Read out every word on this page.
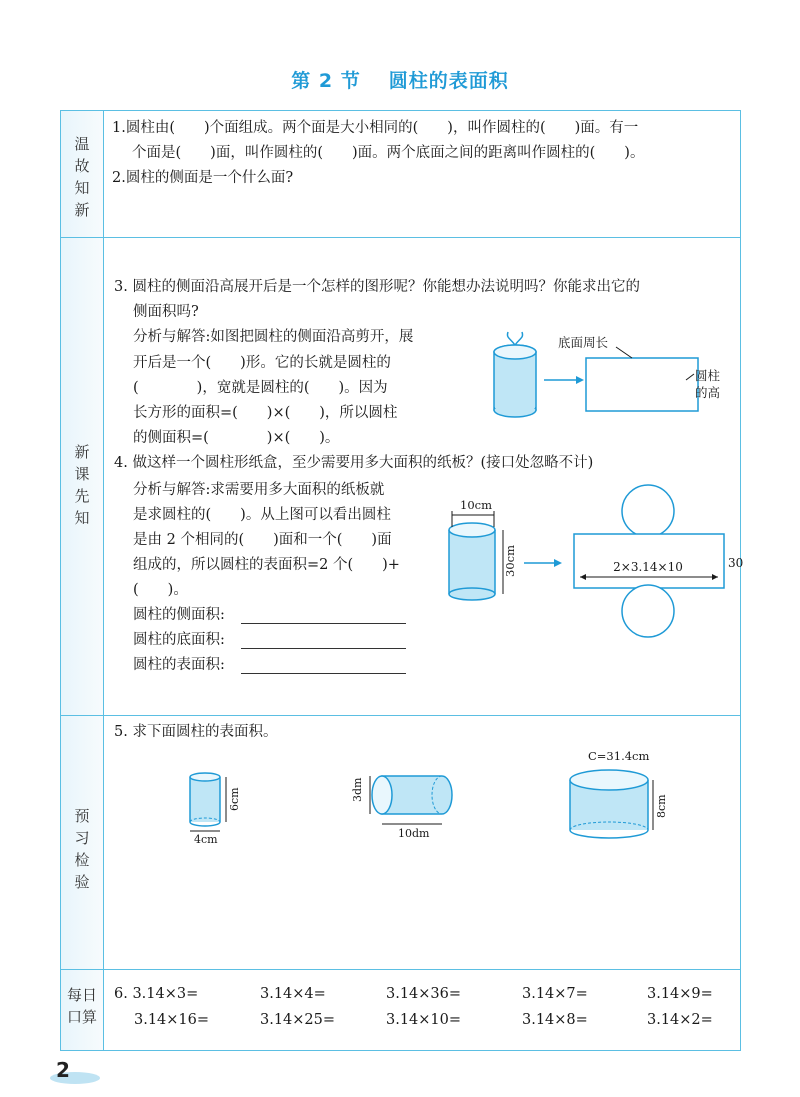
第 2 节 圆柱的表面积
温
故
知
新
新
课
先
知
预
习
检
验
每日
口算
1.圆柱由(　　)个面组成。两个面是大小相同的(　　)，叫作圆柱的(　　)面。有一
个面是(　　)面，叫作圆柱的(　　)面。两个底面之间的距离叫作圆柱的(　　)。
2.圆柱的侧面是一个什么面?
3. 圆柱的侧面沿高展开后是一个怎样的图形呢？你能想办法说明吗？你能求出它的
侧面积吗?
分析与解答:如图把圆柱的侧面沿高剪开，展
开后是一个(　　)形。它的长就是圆柱的
(　　　　)，宽就是圆柱的(　　)。因为
长方形的面积=(　　)×(　　)，所以圆柱
的侧面积=(　　　　)×(　　)。
底面周长
圆柱
的高
4. 做这样一个圆柱形纸盒，至少需要用多大面积的纸板？(接口处忽略不计)
分析与解答:求需要用多大面积的纸板就
是求圆柱的(　　)。从上图可以看出圆柱
是由 2 个相同的(　　)面和一个(　　)面
组成的，所以圆柱的表面积=2 个(　　)+
(　　)。
圆柱的侧面积:
圆柱的底面积:
圆柱的表面积:
10cm
30cm	2×3.14×10	30
5. 求下面圆柱的表面积。
6cm
4cm
3dm
10dm
C=31.4cm
8cm
6. 3.14×3=	3.14×4=	3.14×36=	3.14×7=	3.14×9=
3.14×16=	3.14×25=	3.14×10=	3.14×8=	3.14×2=
2
